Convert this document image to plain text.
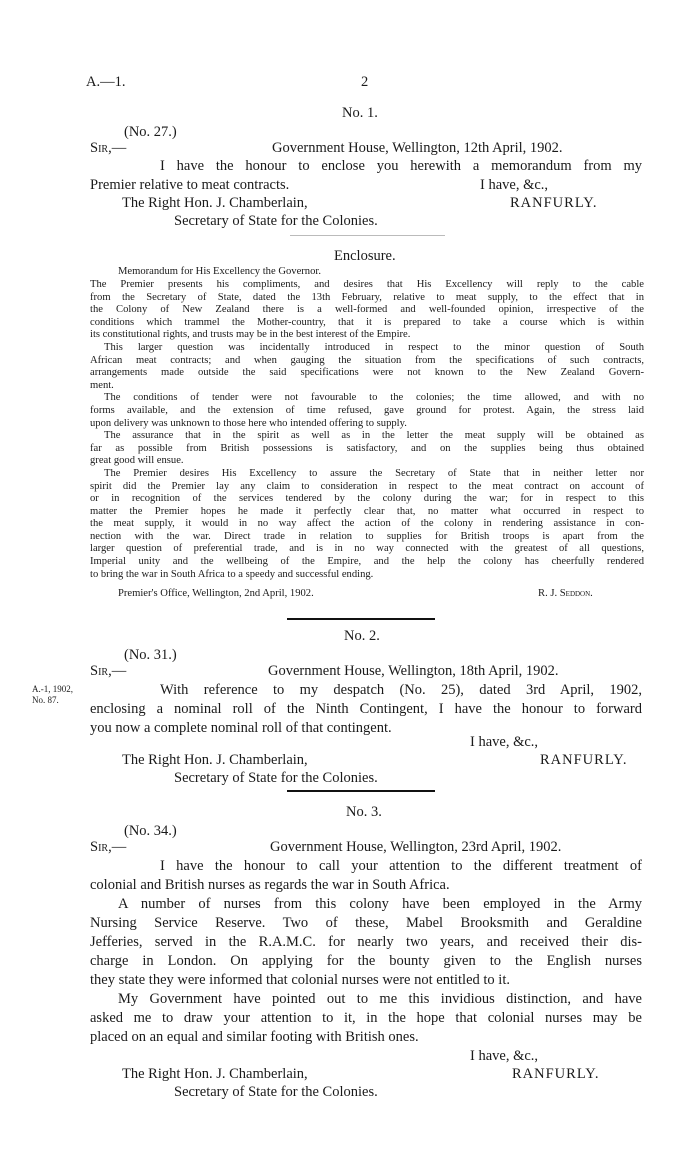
A.—1.	2
No. 1.
(No. 27.)
Sir,—	Government House, Wellington, 12th April, 1902.
I have the honour to enclose you herewith a memorandum from my
Premier relative to meat contracts.	I have, &c.,
RANFURLY.
The Right Hon. J. Chamberlain,
Secretary of State for the Colonies.
Enclosure.
Memorandum for His Excellency the Governor.
The Premier presents his compliments, and desires that His Excellency will reply to the cable
from the Secretary of State, dated the 13th February, relative to meat supply, to the effect that in
the Colony of New Zealand there is a well-formed and well-founded opinion, irrespective of the
conditions which trammel the Mother-country, that it is prepared to take a course which is within
its constitutional rights, and trusts may be in the best interest of the Empire.
This larger question was incidentally introduced in respect to the minor question of South
African meat contracts; and when gauging the situation from the specifications of such contracts,
arrangements made outside the said specifications were not known to the New Zealand Govern-
ment.
The conditions of tender were not favourable to the colonies; the time allowed, and with no
forms available, and the extension of time refused, gave ground for protest. Again, the stress laid
upon delivery was unknown to those here who intended offering to supply.
The assurance that in the spirit as well as in the letter the meat supply will be obtained as
far as possible from British possessions is satisfactory, and on the supplies being thus obtained
great good will ensue.
The Premier desires His Excellency to assure the Secretary of State that in neither letter nor
spirit did the Premier lay any claim to consideration in respect to the meat contract on account of
or in recognition of the services tendered by the colony during the war; for in respect to this
matter the Premier hopes he made it perfectly clear that, no matter what occurred in respect to
the meat supply, it would in no way affect the action of the colony in rendering assistance in con-
nection with the war. Direct trade in relation to supplies for British troops is apart from the
larger question of preferential trade, and is in no way connected with the greatest of all questions,
Imperial unity and the wellbeing of the Empire, and the help the colony has cheerfully rendered
to bring the war in South Africa to a speedy and successful ending.
Premier's Office, Wellington, 2nd April, 1902.	R. J. Seddon.
No. 2.
(No. 31.)
Sir,—	Government House, Wellington, 18th April, 1902.
A.-1, 1902,
No. 87.
With reference to my despatch (No. 25), dated 3rd April, 1902,
enclosing a nominal roll of the Ninth Contingent, I have the honour to forward
you now a complete nominal roll of that contingent.
I have, &c.,
RANFURLY.
The Right Hon. J. Chamberlain,
Secretary of State for the Colonies.
No. 3.
(No. 34.)
Sir,—	Government House, Wellington, 23rd April, 1902.
I have the honour to call your attention to the different treatment of
colonial and British nurses as regards the war in South Africa.
A number of nurses from this colony have been employed in the Army
Nursing Service Reserve. Two of these, Mabel Brooksmith and Geraldine
Jefferies, served in the R.A.M.C. for nearly two years, and received their dis-
charge in London. On applying for the bounty given to the English nurses
they state they were informed that colonial nurses were not entitled to it.
My Government have pointed out to me this invidious distinction, and have
asked me to draw your attention to it, in the hope that colonial nurses may be
placed on an equal and similar footing with British ones.
I have, &c.,
RANFURLY.
The Right Hon. J. Chamberlain,
Secretary of State for the Colonies.
